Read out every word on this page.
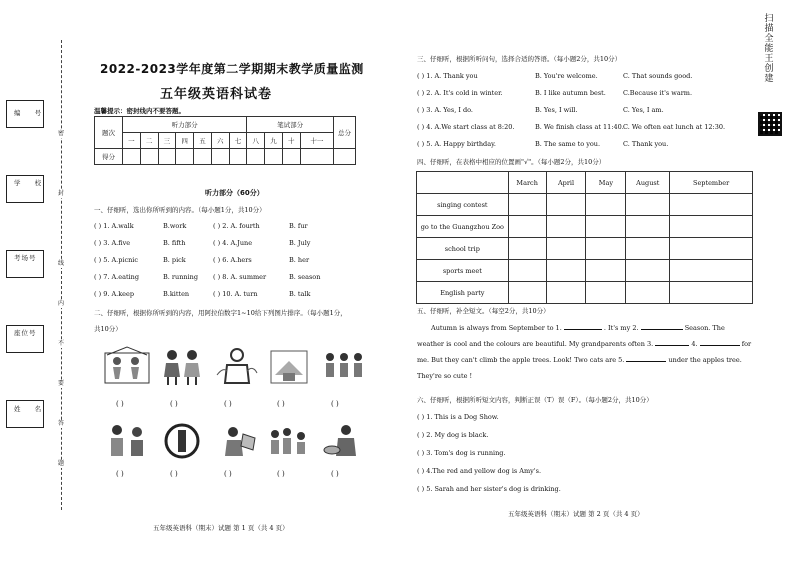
编 号
学 校
考场号
座位号
姓 名
密
封
线
内
不
要
答
题
2022-2023学年度第二学期期末教学质量监测
五年级英语科试卷
温馨提示：密封线内不要答题。
题次	听力部分							笔试部分				总分
	一	二	三	四	五	六	七	八	九	十	十一	
得分												
听力部分（60分）
一、仔细听，选出你所听到的内容。（每小题1分，共10分）
( ) 1. A.walk	B.work	( ) 2. A. fourth	B. fur
( ) 3. A.five	B. fifth	( ) 4. A.June	B. July
( ) 5. A.picnic	B. pick	( ) 6. A.hers	B. her
( ) 7. A.eating	B. running ( ) 8. A. summer	B. season
( ) 9. A.keep	B.kitten	( ) 10. A. turn	B. talk
二、仔细听，根据你所听到的内容，用阿拉伯数字1~10给下列图片排序。（每小题1分，
共10分）
( )	( )	( )	( )	( )
( )	( )	( )	( )	( )
五年级英语科（期末）试题 第 1 页（共 4 页）
三、仔细听，根据所听问句，选择合适的答语。（每小题2分，共10分）
( ) 1. A. Thank you	B. You're welcome.	C. That sounds good.
( ) 2. A. It's cold in winter.	B. I like autumn best.	C.Because it's warm.
( ) 3. A. Yes, I do.	B. Yes, I will.	C. Yes, I am.
( ) 4. A.We start class at 8:20.	B. We finish class at 11:40. C. We often eat lunch at 12:30.
( ) 5. A. Happy birthday.	B. The same to you.	C. Thank you.
四、仔细听，在表格中相应的位置画"√"。（每小题2分，共10分）
	March	April	May	August	September
singing contest					
go to the Guangzhou Zoo					
school trip					
sports meet					
English party					
五、仔细听，补全短文。（每空2分，共10分）
Autumn is always from September to 1.	. It's my 2.	Season. The
weather is cool and the colours are beautiful. My grandparents often 3.	4.	for
me. But they can't climb the apple trees. Look! Two cats are 5.	under the apples tree.
They're so cute !
六、仔细听，根据所听短文内容，判断正误（T）误（F）。（每小题2分，共10分）
( ) 1. This is a Dog Show.
( ) 2. My dog is black.
( ) 3. Tom's dog is running.
( ) 4.The red and yellow dog is Amy's.
( ) 5. Sarah and her sister's dog is drinking.
五年级英语科（期末）试题 第 2 页（共 4 页）
扫描全能王 创建
